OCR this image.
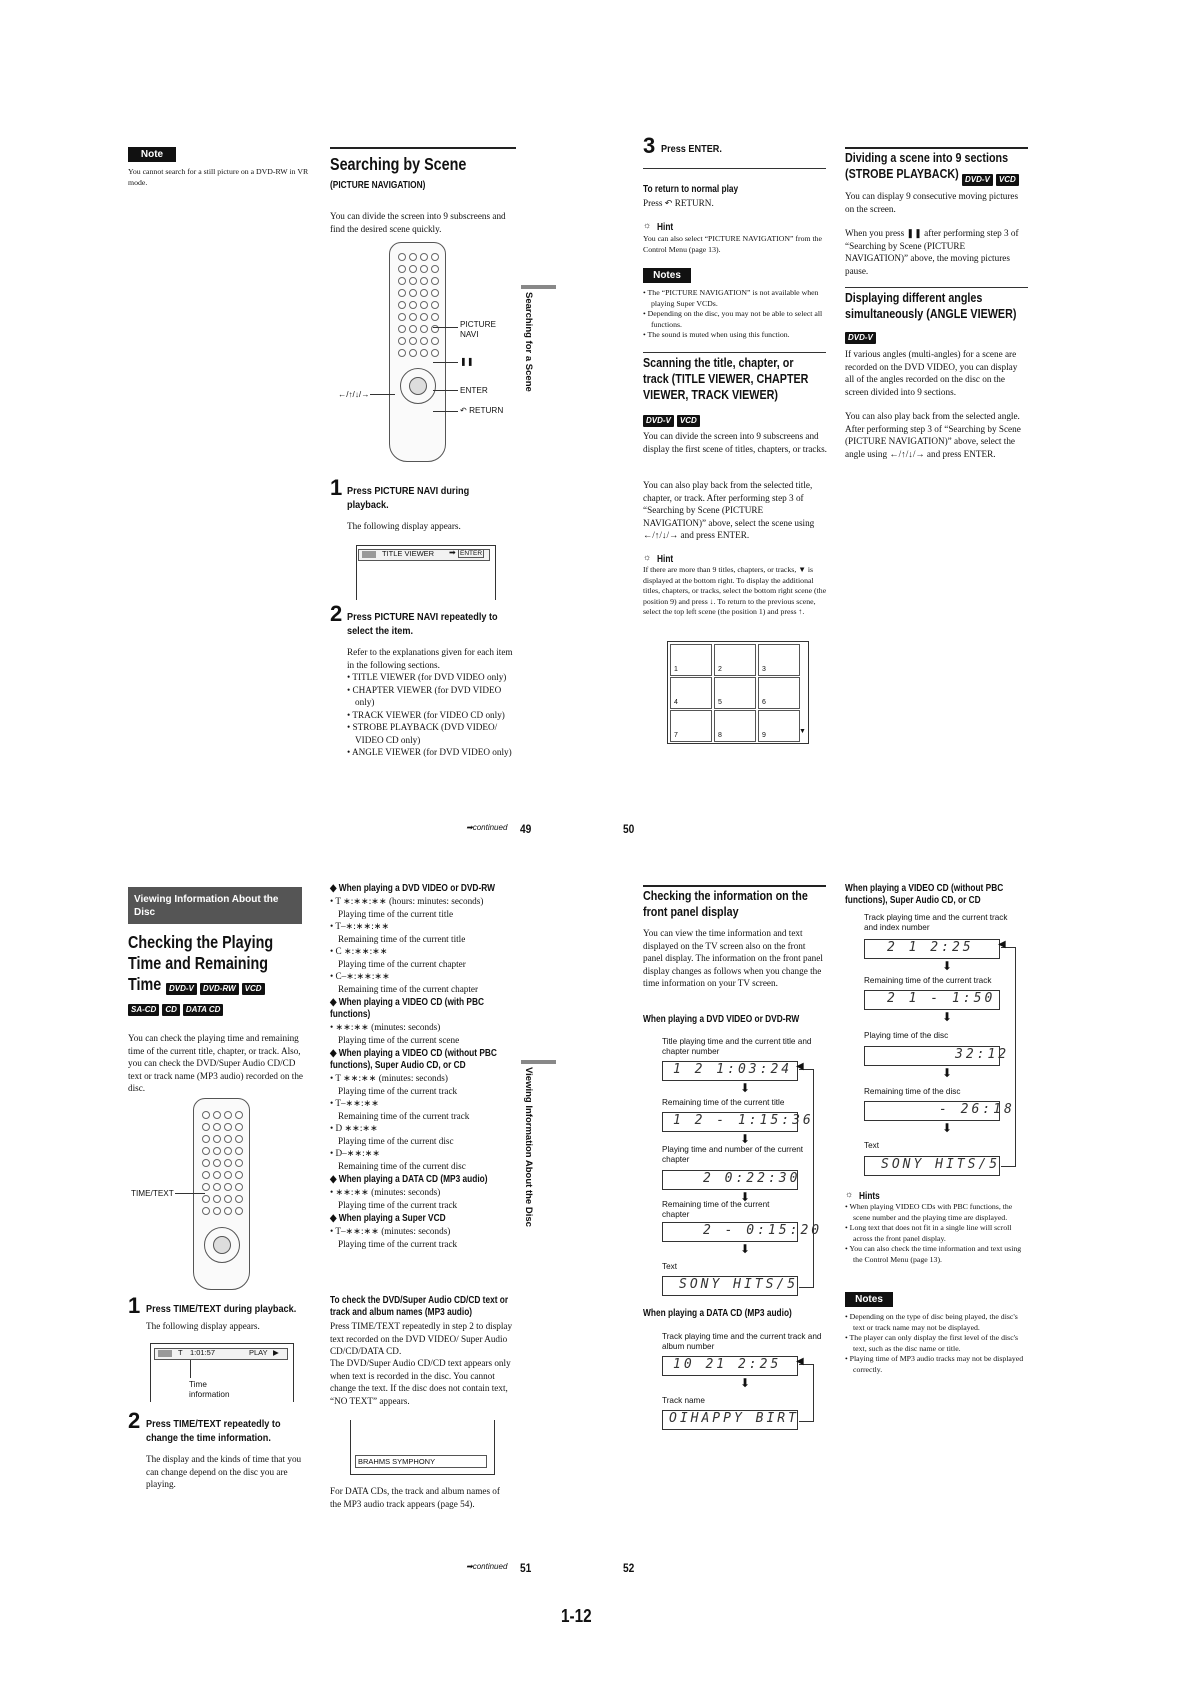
Note
You cannot search for a still picture on a DVD-RW in VR mode.
Searching by Scene
(PICTURE NAVIGATION)
You can divide the screen into 9 subscreens and find the desired scene quickly.
PICTURE NAVI
❚❚
ENTER
↶ RETURN
←/↑/↓/→
Searching for a Scene
1 Press PICTURE NAVI during playback.
The following display appears.
TITLE VIEWER	ENTER
➡
2 Press PICTURE NAVI repeatedly to select the item.
Refer to the explanations given for each item in the following sections.
• TITLE VIEWER (for DVD VIDEO only)
• CHAPTER VIEWER (for DVD VIDEO only)
• TRACK VIEWER (for VIDEO CD only)
• STROBE PLAYBACK (DVD VIDEO/ VIDEO CD only)
• ANGLE VIEWER (for DVD VIDEO only)
➡continued 49
3 Press ENTER.
To return to normal play
Press ↶ RETURN.
☼ Hint
You can also select “PICTURE NAVIGATION” from the Control Menu (page 13).
Notes
• The “PICTURE NAVIGATION” is not available when playing Super VCDs.
• Depending on the disc, you may not be able to select all functions.
• The sound is muted when using this function.
Scanning the title, chapter, or track (TITLE VIEWER, CHAPTER VIEWER, TRACK VIEWER)
DVD-V VCD
You can divide the screen into 9 subscreens and display the first scene of titles, chapters, or tracks.
You can also play back from the selected title, chapter, or track. After performing step 3 of “Searching by Scene (PICTURE NAVIGATION)” above, select the scene using ←/↑/↓/→ and press ENTER.
☼ Hint
If there are more than 9 titles, chapters, or tracks, ▼ is displayed at the bottom right. To display the additional titles, chapters, or tracks, select the bottom right scene (the position 9) and press ↓. To return to the previous scene, select the top left scene (the position 1) and press ↑.
1	2	3
4	5	6
7	8	9
▼
Dividing a scene into 9 sections (STROBE PLAYBACK) DVD-V VCD
You can display 9 consecutive moving pictures on the screen.
When you press ❚❚ after performing step 3 of “Searching by Scene (PICTURE NAVIGATION)” above, the moving pictures pause.
Displaying different angles simultaneously (ANGLE VIEWER)
DVD-V
If various angles (multi-angles) for a scene are recorded on the DVD VIDEO, you can display all of the angles recorded on the disc on the screen divided into 9 sections.
You can also play back from the selected angle. After performing step 3 of “Searching by Scene (PICTURE NAVIGATION)” above, select the angle using ←/↑/↓/→ and press ENTER.
50
Viewing Information About the Disc
Checking the Playing
Time and Remaining
Time DVD-V DVD-RW VCD
SA-CD CD DATA CD
You can check the playing time and remaining time of the current title, chapter, or track. Also, you can check the DVD/Super Audio CD/CD text or track name (MP3 audio) recorded on the disc.
TIME/TEXT
1 Press TIME/TEXT during playback.
The following display appears.
T 1:01:57	PLAY ▶
Time information
2 Press TIME/TEXT repeatedly to change the time information.
The display and the kinds of time that you can change depend on the disc you are playing.
◆ When playing a DVD VIDEO or DVD-RW
• T ∗:∗∗:∗∗ (hours: minutes: seconds)
Playing time of the current title
• T–∗:∗∗:∗∗
Remaining time of the current title
• C ∗:∗∗:∗∗
Playing time of the current chapter
• C–∗:∗∗:∗∗
Remaining time of the current chapter
◆ When playing a VIDEO CD (with PBC functions)
• ∗∗:∗∗ (minutes: seconds)
Playing time of the current scene
◆ When playing a VIDEO CD (without PBC functions), Super Audio CD, or CD
• T ∗∗:∗∗ (minutes: seconds)
Playing time of the current track
• T–∗∗:∗∗
Remaining time of the current track
• D ∗∗:∗∗
Playing time of the current disc
• D–∗∗:∗∗
Remaining time of the current disc
◆ When playing a DATA CD (MP3 audio)
• ∗∗:∗∗ (minutes: seconds)
Playing time of the current track
◆ When playing a Super VCD
• T–∗∗:∗∗ (minutes: seconds)
Playing time of the current track
Viewing Information About the Disc
To check the DVD/Super Audio CD/CD text or track and album names (MP3 audio)
Press TIME/TEXT repeatedly in step 2 to display text recorded on the DVD VIDEO/ Super Audio CD/CD/DATA CD.
The DVD/Super Audio CD/CD text appears only when text is recorded in the disc. You cannot change the text. If the disc does not contain text, “NO TEXT” appears.
BRAHMS SYMPHONY
For DATA CDs, the track and album names of the MP3 audio track appears (page 54).
➡continued 51
Checking the information on the front panel display
You can view the time information and text displayed on the TV screen also on the front panel display. The information on the front panel display changes as follows when you change the time information on your TV screen.
When playing a DVD VIDEO or DVD-RW
Title playing time and the current title and chapter number
1 2 1:03:24
⬇
Remaining time of the current title
1 2 - 1:15:36
⬇
Playing time and number of the current chapter
2 0:22:30
⬇
Remaining time of the current chapter
2 - 0:15:20
⬇
Text
SONY HITS/5
◀
When playing a DATA CD (MP3 audio)
Track playing time and the current track and album number
10 21 2:25
⬇
Track name
OIHAPPY BIRT
◀
When playing a VIDEO CD (without PBC functions), Super Audio CD, or CD
Track playing time and the current track and index number
2 1 2:25
⬇
Remaining time of the current track
2 1 - 1:50
⬇
Playing time of the disc
32:12
⬇
Remaining time of the disc
- 26:18
⬇
Text
SONY HITS/5
◀
☼ Hints
• When playing VIDEO CDs with PBC functions, the scene number and the playing time are displayed.
• Long text that does not fit in a single line will scroll across the front panel display.
• You can also check the time information and text using the Control Menu (page 13).
Notes
• Depending on the type of disc being played, the disc's text or track name may not be displayed.
• The player can only display the first level of the disc's text, such as the disc name or title.
• Playing time of MP3 audio tracks may not be displayed correctly.
52
1-12
